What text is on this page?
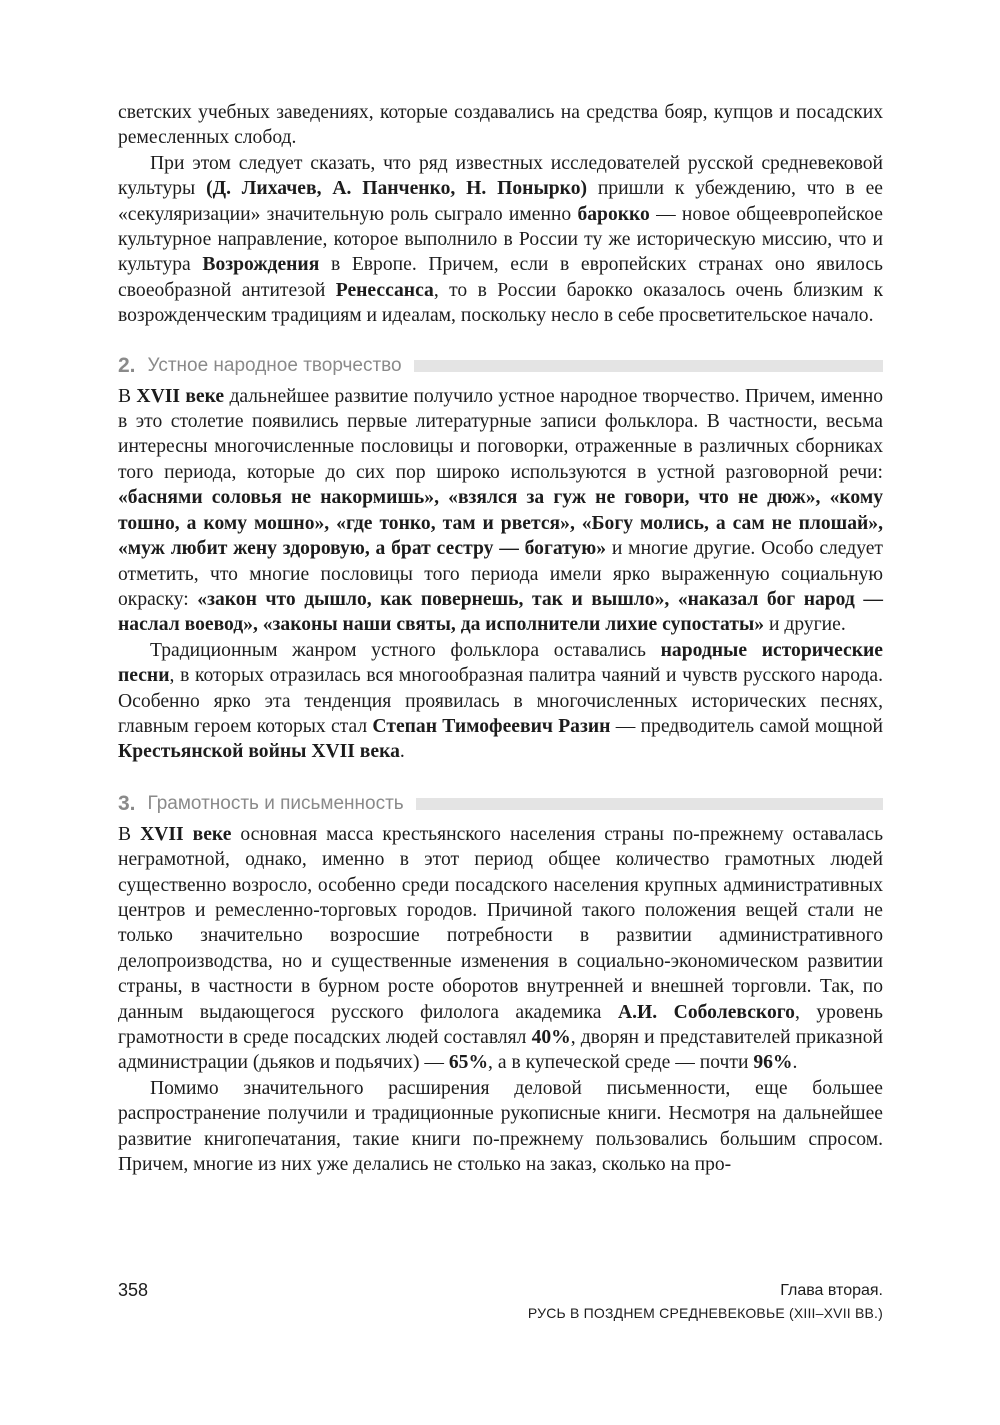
светских учебных заведениях, которые создавались на средства бояр, купцов и посадских ремесленных слобод.

При этом следует сказать, что ряд известных исследователей русской средневековой культуры (Д. Лихачев, А. Панченко, Н. Понырко) пришли к убеждению, что в ее «секуляризации» значительную роль сыграло именно барокко — новое общеевропейское культурное направление, которое выполнило в России ту же историческую миссию, что и культура Возрождения в Европе. Причем, если в европейских странах оно явилось своеобразной антитезой Ренессанса, то в России барокко оказалось очень близким к возрожденческим традициям и идеалам, поскольку несло в себе просветительское начало.

2. Устное народное творчество

В XVII веке дальнейшее развитие получило устное народное творчество. Причем, именно в это столетие появились первые литературные записи фольклора. В частности, весьма интересны многочисленные пословицы и поговорки, отраженные в различных сборниках того периода, которые до сих пор широко используются в устной разговорной речи: «баснями соловья не накормишь», «взялся за гуж не говори, что не дюж», «кому тошно, а кому мошно», «где тонко, там и рвется», «Богу молись, а сам не плошай», «муж любит жену здоровую, а брат сестру — богатую» и многие другие. Особо следует отметить, что многие пословицы того периода имели ярко выраженную социальную окраску: «закон что дышло, как повернешь, так и вышло», «наказал бог народ — наслал воевод», «законы наши святы, да исполнители лихие супостаты» и другие.

Традиционным жанром устного фольклора оставались народные исторические песни, в которых отразилась вся многообразная палитра чаяний и чувств русского народа. Особенно ярко эта тенденция проявилась в многочисленных исторических песнях, главным героем которых стал Степан Тимофеевич Разин — предводитель самой мощной Крестьянской войны XVII века.

3. Грамотность и письменность

В XVII веке основная масса крестьянского населения страны по-прежнему оставалась неграмотной, однако, именно в этот период общее количество грамотных людей существенно возросло, особенно среди посадского населения крупных административных центров и ремесленно-торговых городов. Причиной такого положения вещей стали не только значительно возросшие потребности в развитии административного делопроизводства, но и существенные изменения в социально-экономическом развитии страны, в частности в бурном росте оборотов внутренней и внешней торговли. Так, по данным выдающегося русского филолога академика А.И. Соболевского, уровень грамотности в среде посадских людей составлял 40%, дворян и представителей приказной администрации (дьяков и подьячих) — 65%, а в купеческой среде — почти 96%.

Помимо значительного расширения деловой письменности, еще большее распространение получили и традиционные рукописные книги. Несмотря на дальнейшее развитие книгопечатания, такие книги по-прежнему пользовались большим спросом. Причем, многие из них уже делались не столько на заказ, сколько на про-

358	Глава вторая.
РУСЬ В ПОЗДНЕМ СРЕДНЕВЕКОВЬЕ (XIII–XVII ВВ.)
